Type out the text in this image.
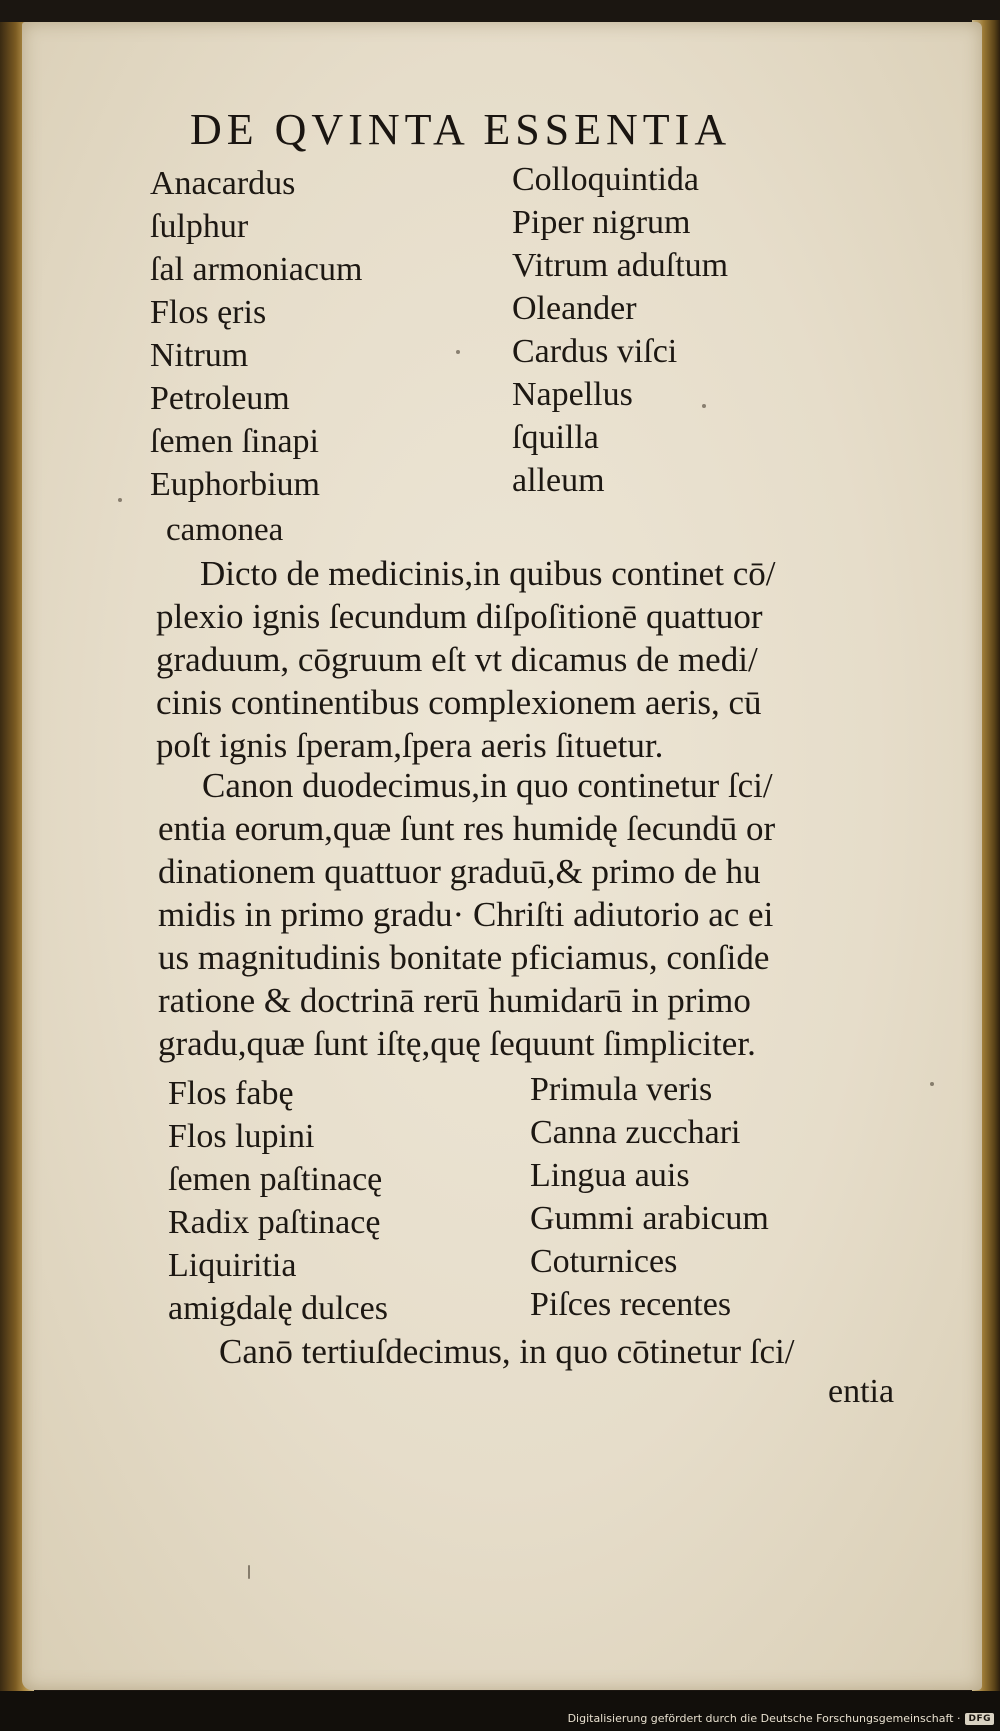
DE QVINTA ESSENTIA
Anacardus
ſulphur
ſal armoniacum
Flos ęris
Nitrum
Petroleum
ſemen ſinapi
Euphorbium
Colloquintida
Piper nigrum
Vitrum aduſtum
Oleander
Cardus viſci
Napellus
ſquilla
alleum
camonea
Dicto de medicinis,in quibus continet cō/
plexio ignis ſecundum diſpoſitionē quattuor
graduum, cōgruum eſt vt dicamus de medi/
cinis continentibus complexionem aeris, cū
poſt ignis ſperam,ſpera aeris ſituetur.
Canon duodecimus,in quo continetur ſci/
entia eorum,quæ ſunt res humidę ſecundū or
dinationem quattuor graduū,& primo de hu
midis in primo gradu· Chriſti adiutorio ac ei
us magnitudinis bonitate pficiamus, conſide
ratione & doctrinā rerū humidarū in primo
gradu,quæ ſunt iſtę,quę ſequunt ſimpliciter.
Flos fabę
Flos lupini
ſemen paſtinacę
Radix paſtinacę
Liquiritia
amigdalę dulces
Primula veris
Canna zucchari
Lingua auis
Gummi arabicum
Coturnices
Piſces recentes
Canō tertiuſdecimus, in quo cōtinetur ſci/
entia
Digitalisierung gefördert durch die Deutsche Forschungsgemeinschaft · DFG
